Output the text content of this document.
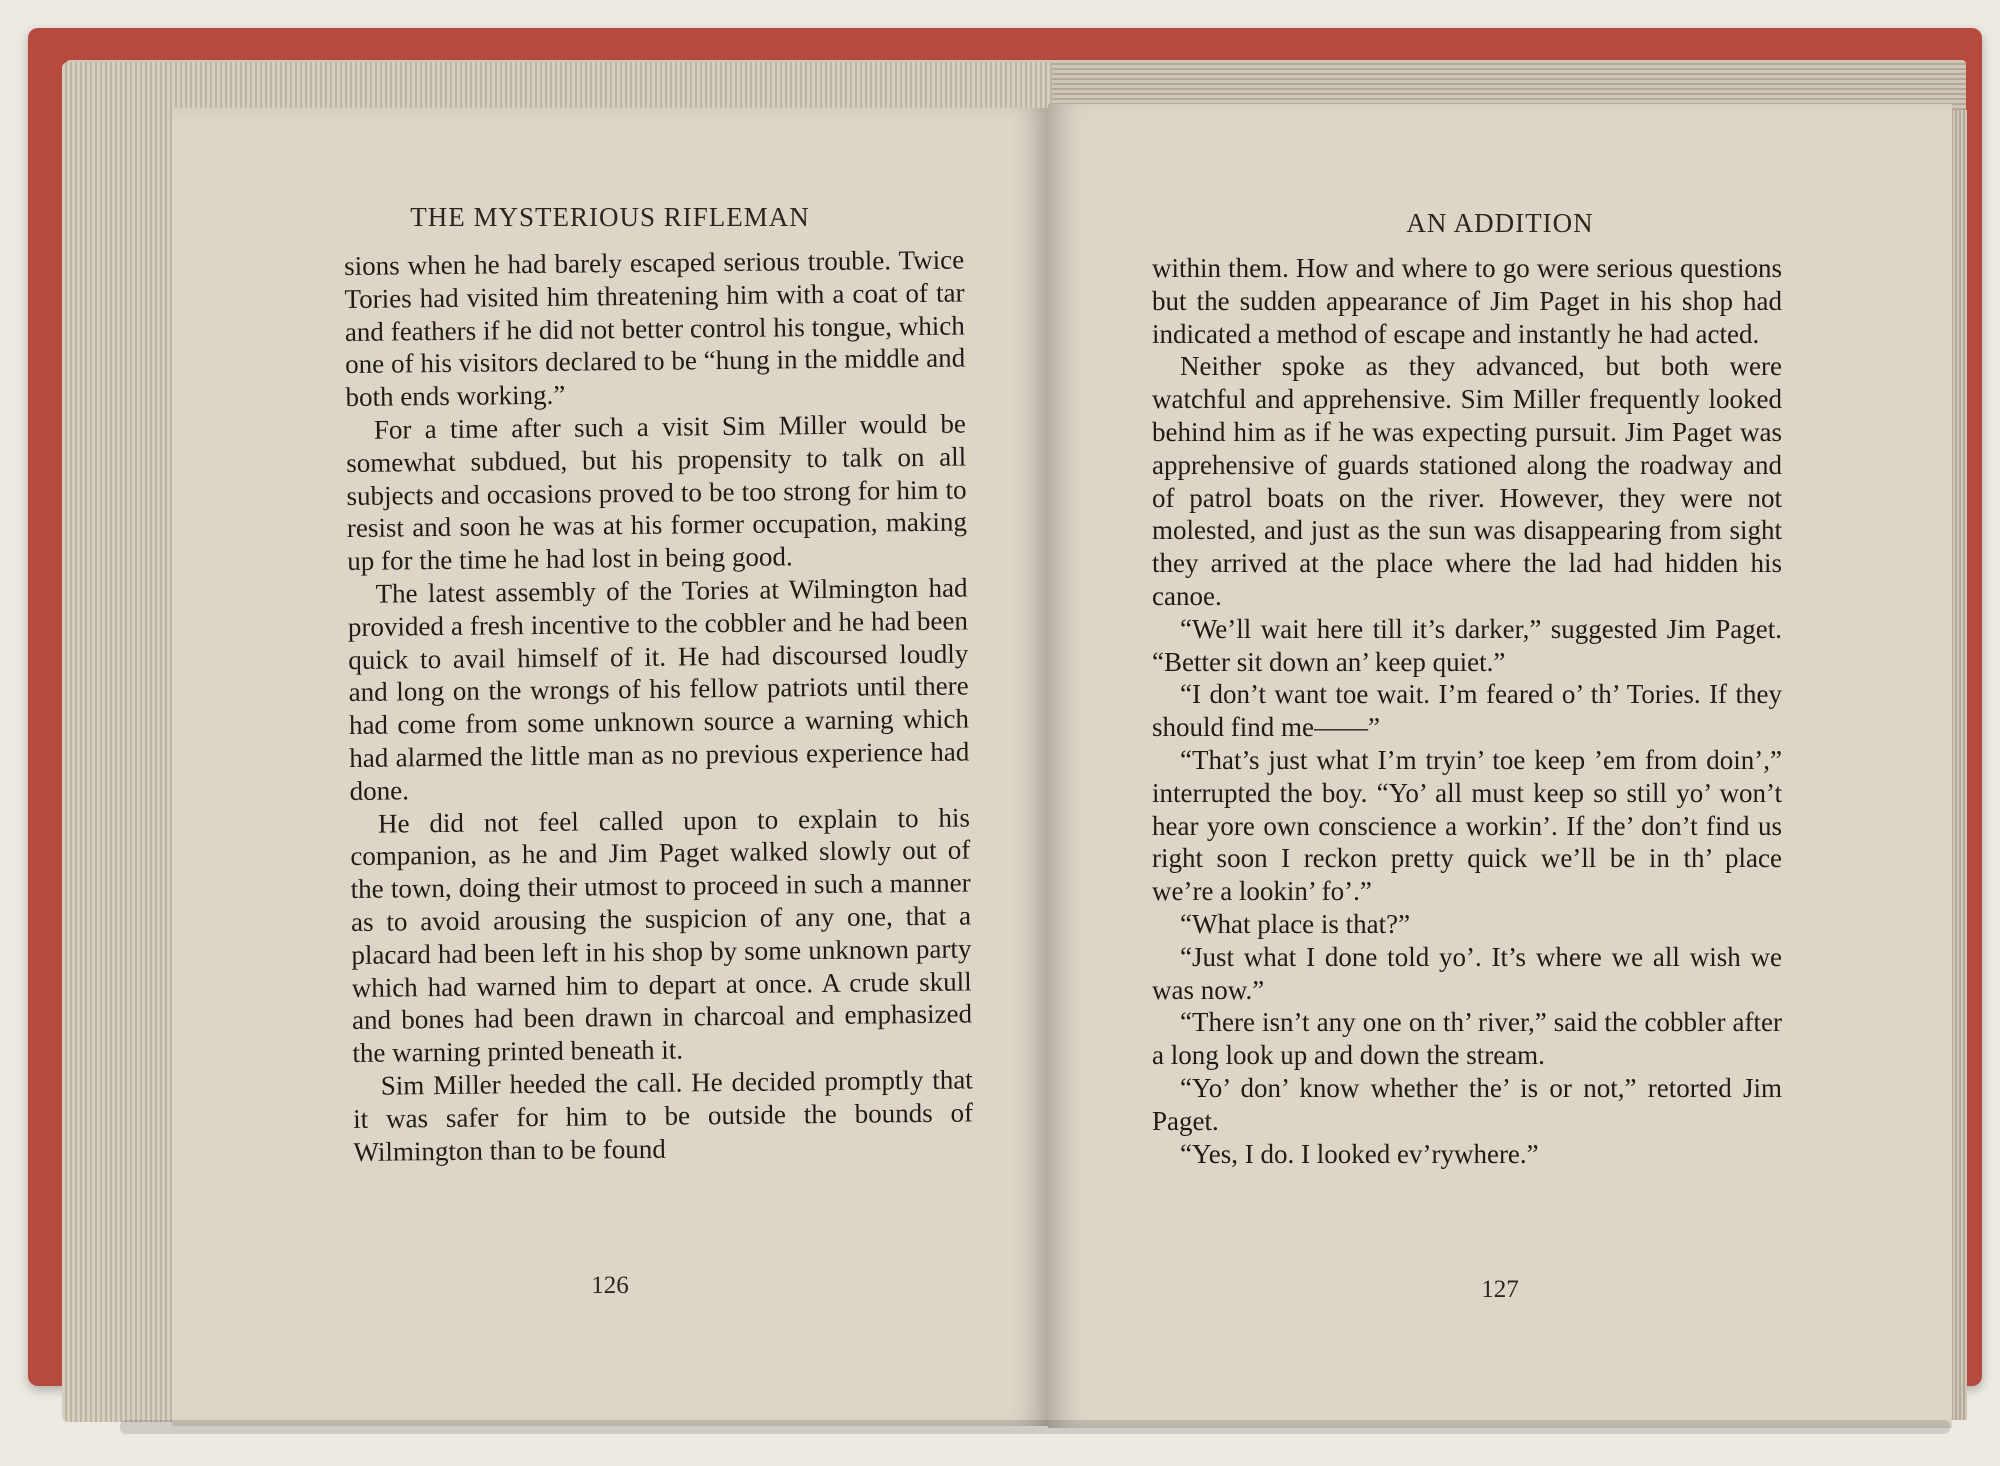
THE MYSTERIOUS RIFLEMAN

sions when he had barely escaped serious trouble. Twice Tories had visited him threatening him with a coat of tar and feathers if he did not better control his tongue, which one of his visitors declared to be “hung in the middle and both ends working.”

For a time after such a visit Sim Miller would be somewhat subdued, but his propensity to talk on all subjects and occasions proved to be too strong for him to resist and soon he was at his former occupation, making up for the time he had lost in being good.

The latest assembly of the Tories at Wilmington had provided a fresh incentive to the cobbler and he had been quick to avail himself of it. He had discoursed loudly and long on the wrongs of his fellow patriots until there had come from some unknown source a warning which had alarmed the little man as no previous experience had done.

He did not feel called upon to explain to his companion, as he and Jim Paget walked slowly out of the town, doing their utmost to proceed in such a manner as to avoid arousing the suspicion of any one, that a placard had been left in his shop by some unknown party which had warned him to depart at once. A crude skull and bones had been drawn in charcoal and emphasized the warning printed beneath it.

Sim Miller heeded the call. He decided promptly that it was safer for him to be outside the bounds of Wilmington than to be found

126
AN ADDITION

within them. How and where to go were serious questions but the sudden appearance of Jim Paget in his shop had indicated a method of escape and instantly he had acted.

Neither spoke as they advanced, but both were watchful and apprehensive. Sim Miller frequently looked behind him as if he was expecting pursuit. Jim Paget was apprehensive of guards stationed along the roadway and of patrol boats on the river. However, they were not molested, and just as the sun was disappearing from sight they arrived at the place where the lad had hidden his canoe.

“We’ll wait here till it’s darker,” suggested Jim Paget. “Better sit down an’ keep quiet.”

“I don’t want toe wait. I’m feared o’ th’ Tories. If they should find me——”

“That’s just what I’m tryin’ toe keep ’em from doin’,” interrupted the boy. “Yo’ all must keep so still yo’ won’t hear yore own conscience a workin’. If the’ don’t find us right soon I reckon pretty quick we’ll be in th’ place we’re a lookin’ fo’.”

“What place is that?”

“Just what I done told yo’. It’s where we all wish we was now.”

“There isn’t any one on th’ river,” said the cobbler after a long look up and down the stream.

“Yo’ don’ know whether the’ is or not,” retorted Jim Paget.

“Yes, I do. I looked ev’rywhere.”

127
